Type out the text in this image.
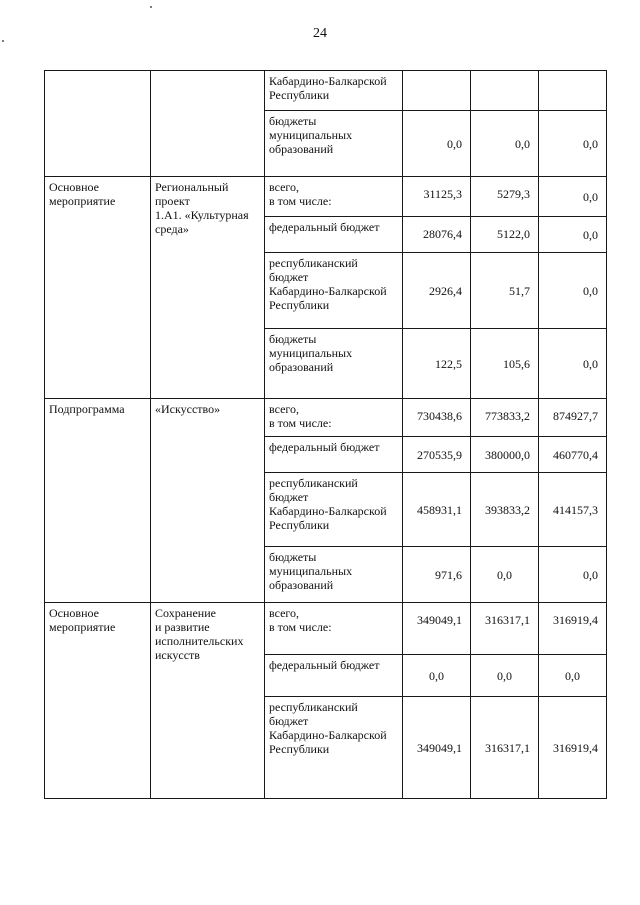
24
		Кабардино-Балкарской
Республики			
		бюджеты
муниципальных
образований	0,0	0,0	0,0
Основное
мероприятие	Региональный
проект
1.А1. «Культурная
среда»	всего,
в том числе:	31125,3	5279,3	0,0
		федеральный бюджет	28076,4	5122,0	0,0
		республиканский
бюджет
Кабардино-Балкарской
Республики	2926,4	51,7	0,0
		бюджеты
муниципальных
образований	122,5	105,6	0,0
Подпрограмма	«Искусство»	всего,
в том числе:	730438,6	773833,2	874927,7
		федеральный бюджет	270535,9	380000,0	460770,4
		республиканский
бюджет
Кабардино-Балкарской
Республики	458931,1	393833,2	414157,3
		бюджеты
муниципальных
образований	971,6	0,0	0,0
Основное
мероприятие	Сохранение
и развитие
исполнительских
искусств	всего,
в том числе:	349049,1	316317,1	316919,4
		федеральный бюджет	0,0	0,0	0,0
		республиканский
бюджет
Кабардино-Балкарской
Республики	349049,1	316317,1	316919,4
